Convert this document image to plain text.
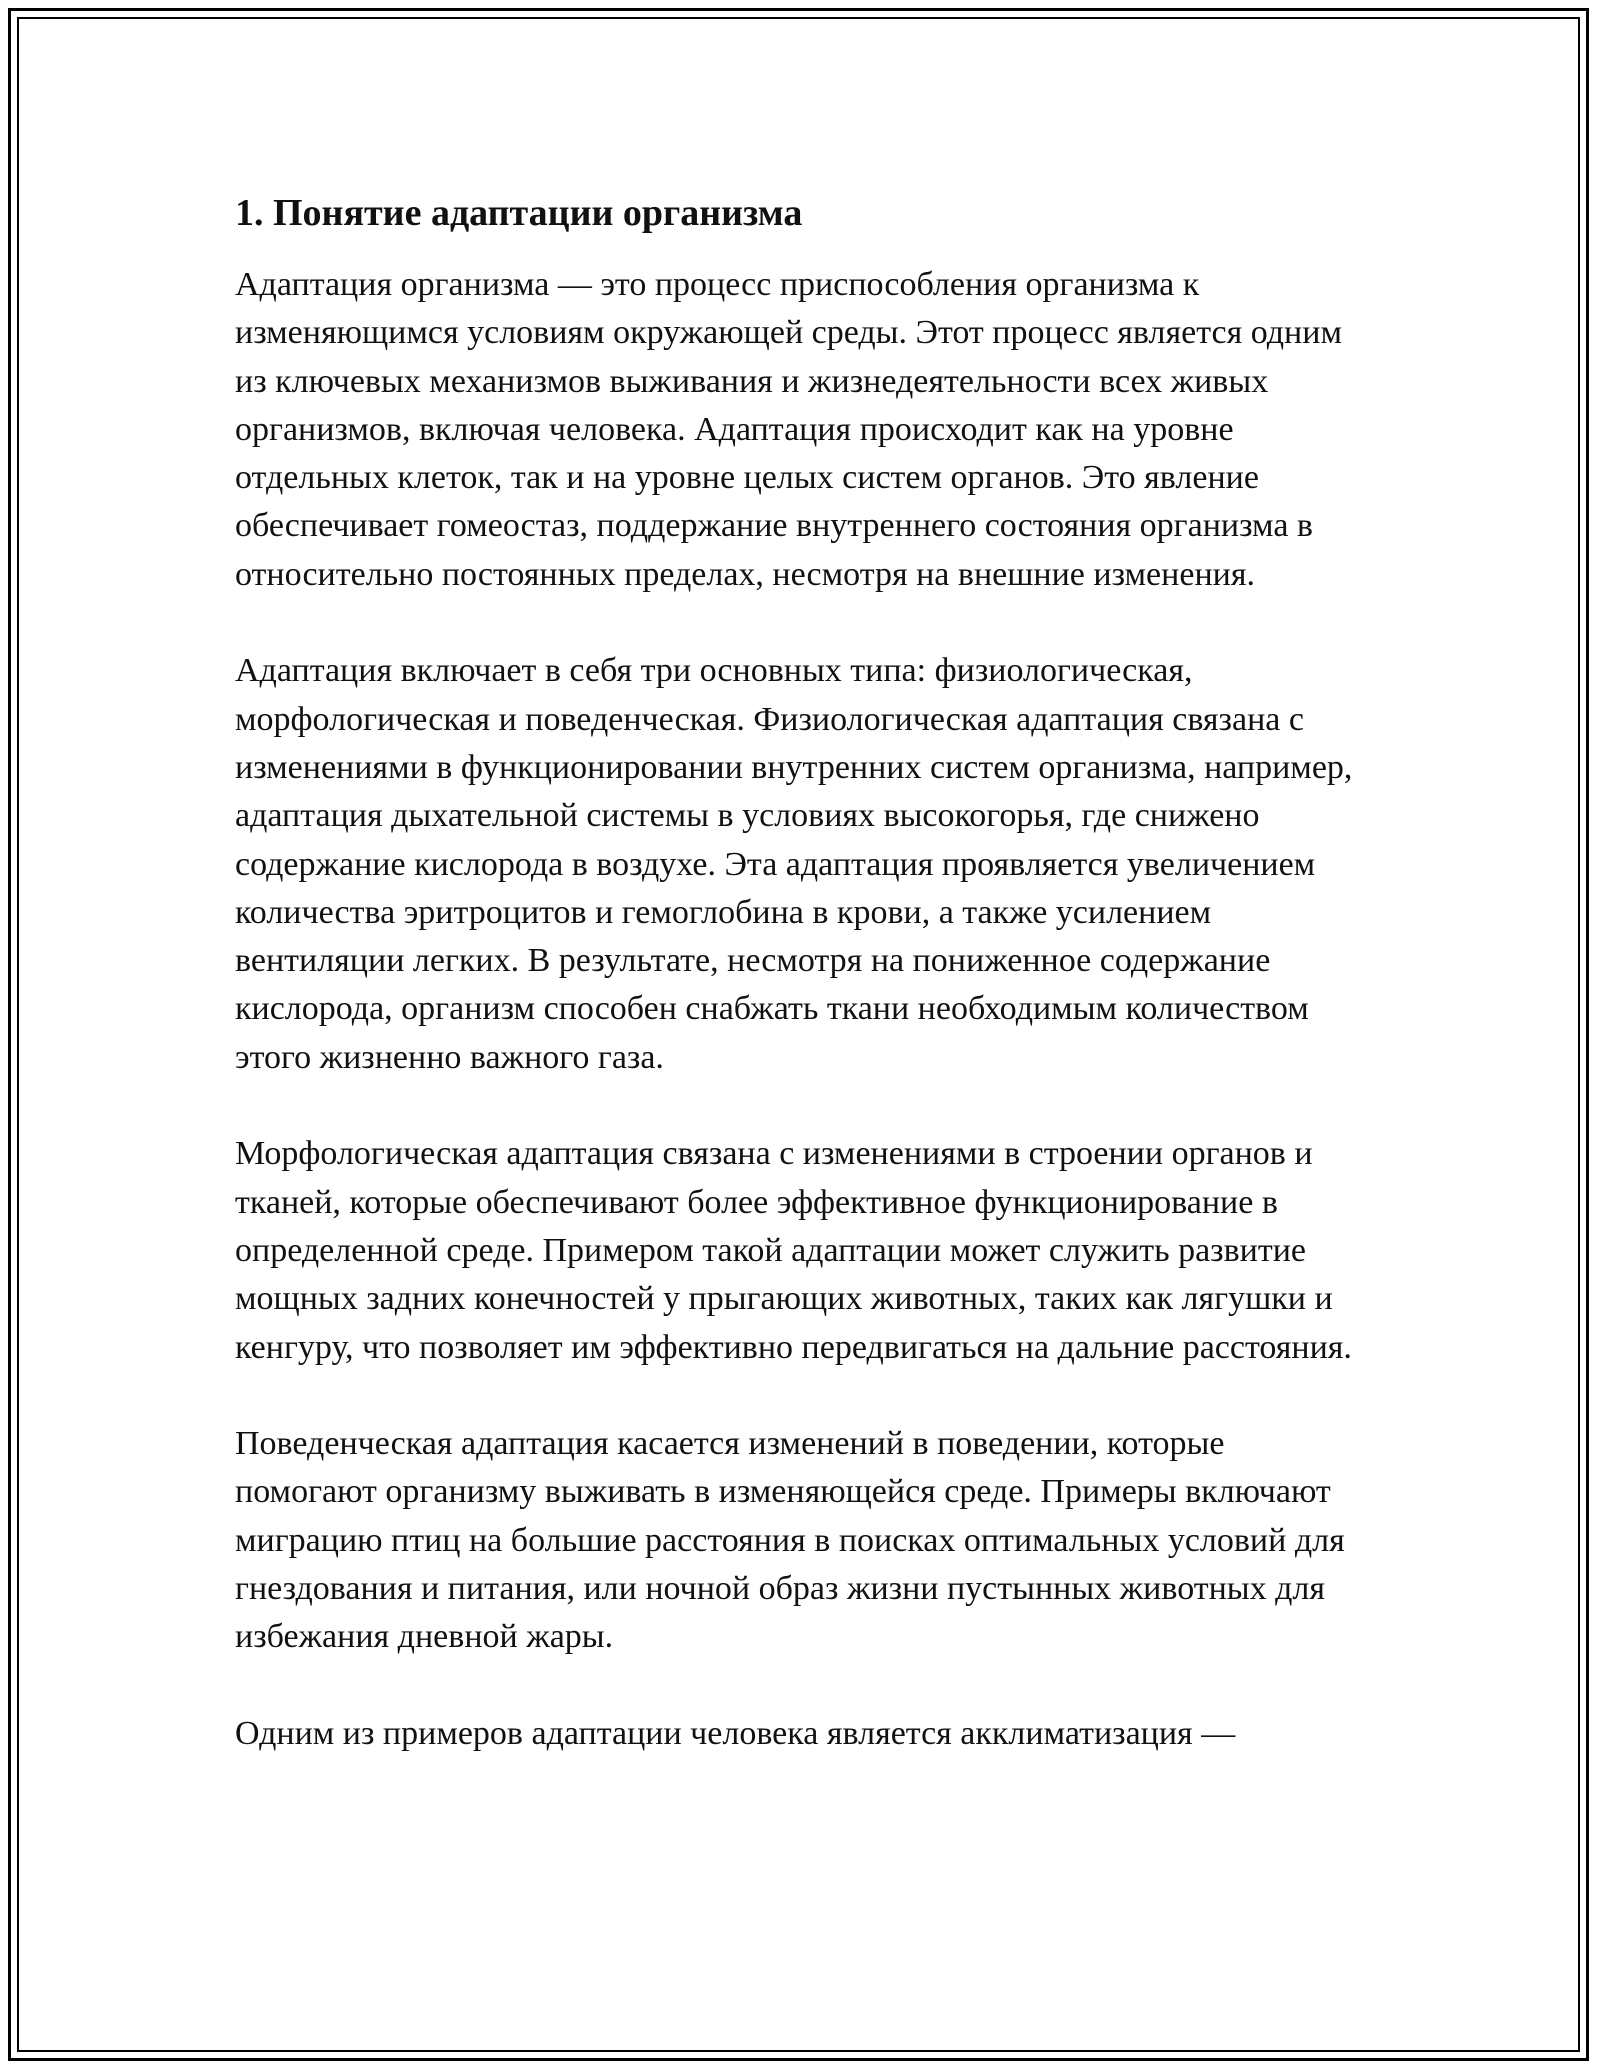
1. Понятие адаптации организма

Адаптация организма — это процесс приспособления организма к изменяющимся условиям окружающей среды. Этот процесс является одним из ключевых механизмов выживания и жизнедеятельности всех живых организмов, включая человека. Адаптация происходит как на уровне отдельных клеток, так и на уровне целых систем органов. Это явление обеспечивает гомеостаз, поддержание внутреннего состояния организма в относительно постоянных пределах, несмотря на внешние изменения.

Адаптация включает в себя три основных типа: физиологическая, морфологическая и поведенческая. Физиологическая адаптация связана с изменениями в функционировании внутренних систем организма, например, адаптация дыхательной системы в условиях высокогорья, где снижено содержание кислорода в воздухе. Эта адаптация проявляется увеличением количества эритроцитов и гемоглобина в крови, а также усилением вентиляции легких. В результате, несмотря на пониженное содержание кислорода, организм способен снабжать ткани необходимым количеством этого жизненно важного газа.

Морфологическая адаптация связана с изменениями в строении органов и тканей, которые обеспечивают более эффективное функционирование в определенной среде. Примером такой адаптации может служить развитие мощных задних конечностей у прыгающих животных, таких как лягушки и кенгуру, что позволяет им эффективно передвигаться на дальние расстояния.

Поведенческая адаптация касается изменений в поведении, которые помогают организму выживать в изменяющейся среде. Примеры включают миграцию птиц на большие расстояния в поисках оптимальных условий для гнездования и питания, или ночной образ жизни пустынных животных для избежания дневной жары.

Одним из примеров адаптации человека является акклиматизация —
